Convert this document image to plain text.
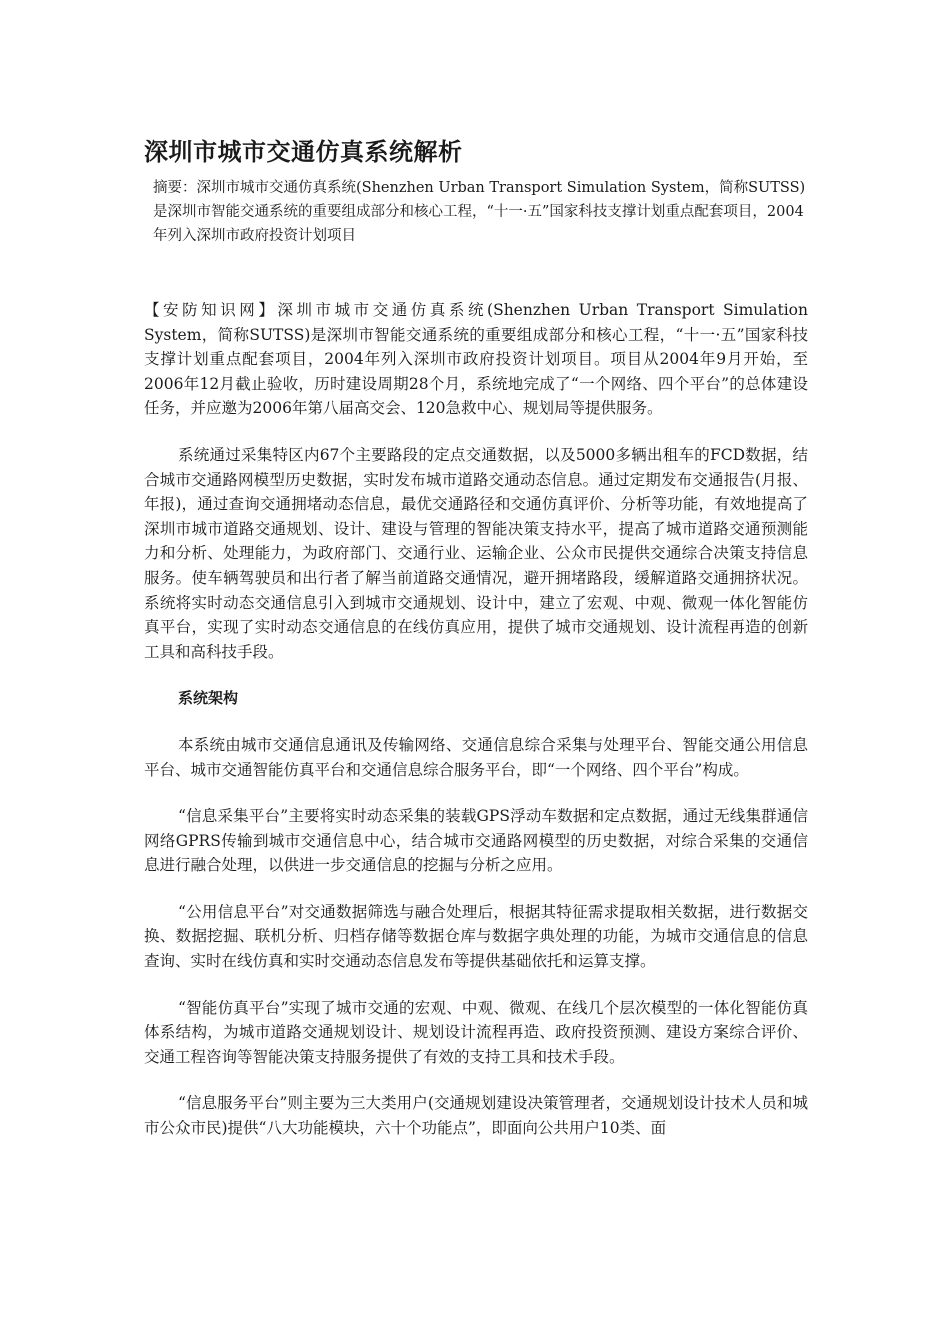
深圳市城市交通仿真系统解析

摘要：深圳市城市交通仿真系统(Shenzhen Urban Transport Simulation System，简称SUTSS)是深圳市智能交通系统的重要组成部分和核心工程，“十一·五”国家科技支撑计划重点配套项目，2004年列入深圳市政府投资计划项目

【安防知识网】深圳市城市交通仿真系统(Shenzhen Urban Transport Simulation System，简称SUTSS)是深圳市智能交通系统的重要组成部分和核心工程，“十一·五”国家科技支撑计划重点配套项目，2004年列入深圳市政府投资计划项目。项目从2004年9月开始，至2006年12月截止验收，历时建设周期28个月，系统地完成了“一个网络、四个平台”的总体建设任务，并应邀为2006年第八届高交会、120急救中心、规划局等提供服务。

系统通过采集特区内67个主要路段的定点交通数据，以及5000多辆出租车的FCD数据，结合城市交通路网模型历史数据，实时发布城市道路交通动态信息。通过定期发布交通报告(月报、年报)，通过查询交通拥堵动态信息，最优交通路径和交通仿真评价、分析等功能，有效地提高了深圳市城市道路交通规划、设计、建设与管理的智能决策支持水平，提高了城市道路交通预测能力和分析、处理能力，为政府部门、交通行业、运输企业、公众市民提供交通综合决策支持信息服务。使车辆驾驶员和出行者了解当前道路交通情况，避开拥堵路段，缓解道路交通拥挤状况。系统将实时动态交通信息引入到城市交通规划、设计中，建立了宏观、中观、微观一体化智能仿真平台，实现了实时动态交通信息的在线仿真应用，提供了城市交通规划、设计流程再造的创新工具和高科技手段。

系统架构

本系统由城市交通信息通讯及传输网络、交通信息综合采集与处理平台、智能交通公用信息平台、城市交通智能仿真平台和交通信息综合服务平台，即“一个网络、四个平台”构成。

“信息采集平台”主要将实时动态采集的装载GPS浮动车数据和定点数据，通过无线集群通信网络GPRS传输到城市交通信息中心，结合城市交通路网模型的历史数据，对综合采集的交通信息进行融合处理，以供进一步交通信息的挖掘与分析之应用。

“公用信息平台”对交通数据筛选与融合处理后，根据其特征需求提取相关数据，进行数据交换、数据挖掘、联机分析、归档存储等数据仓库与数据字典处理的功能，为城市交通信息的信息查询、实时在线仿真和实时交通动态信息发布等提供基础依托和运算支撑。

“智能仿真平台”实现了城市交通的宏观、中观、微观、在线几个层次模型的一体化智能仿真体系结构，为城市道路交通规划设计、规划设计流程再造、政府投资预测、建设方案综合评价、交通工程咨询等智能决策支持服务提供了有效的支持工具和技术手段。

“信息服务平台”则主要为三大类用户(交通规划建设决策管理者，交通规划设计技术人员和城市公众市民)提供“八大功能模块，六十个功能点”，即面向公共用户10类、面
